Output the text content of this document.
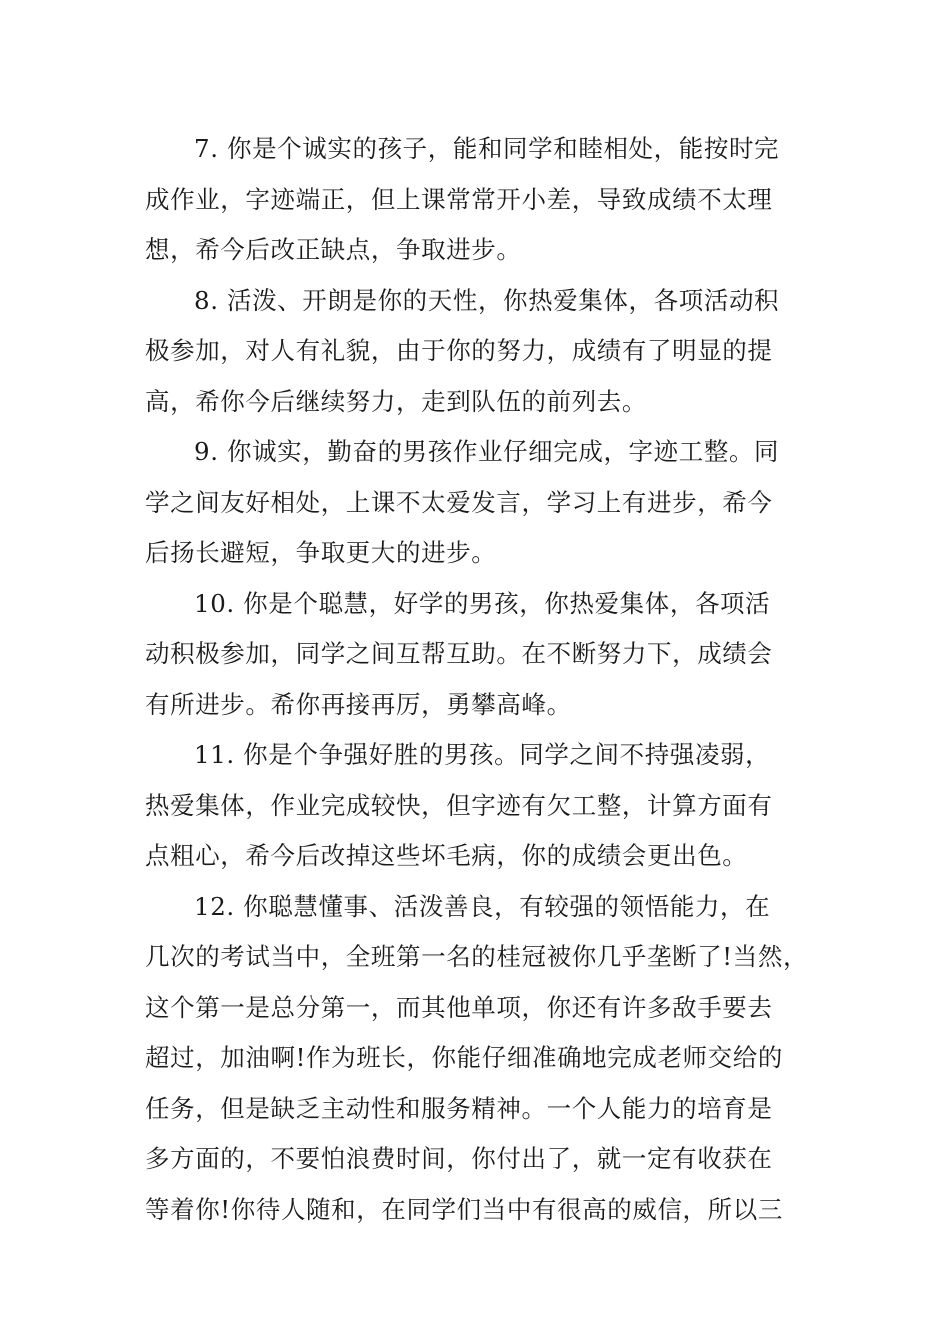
7. 你是个诚实的孩子，能和同学和睦相处，能按时完
成作业，字迹端正，但上课常常开小差，导致成绩不太理
想，希今后改正缺点，争取进步。

8. 活泼、开朗是你的天性，你热爱集体，各项活动积
极参加，对人有礼貌，由于你的努力，成绩有了明显的提
高，希你今后继续努力，走到队伍的前列去。

9. 你诚实，勤奋的男孩作业仔细完成，字迹工整。同
学之间友好相处，上课不太爱发言，学习上有进步，希今
后扬长避短，争取更大的进步。

10. 你是个聪慧，好学的男孩，你热爱集体，各项活
动积极参加，同学之间互帮互助。在不断努力下，成绩会
有所进步。希你再接再厉，勇攀高峰。

11. 你是个争强好胜的男孩。同学之间不持强凌弱，
热爱集体，作业完成较快，但字迹有欠工整，计算方面有
点粗心，希今后改掉这些坏毛病，你的成绩会更出色。

12. 你聪慧懂事、活泼善良，有较强的领悟能力，在
几次的考试当中，全班第一名的桂冠被你几乎垄断了!当然，
这个第一是总分第一，而其他单项，你还有许多敌手要去
超过，加油啊!作为班长，你能仔细准确地完成老师交给的
任务，但是缺乏主动性和服务精神。一个人能力的培育是
多方面的，不要怕浪费时间，你付出了，就一定有收获在
等着你!你待人随和，在同学们当中有很高的威信，所以三
